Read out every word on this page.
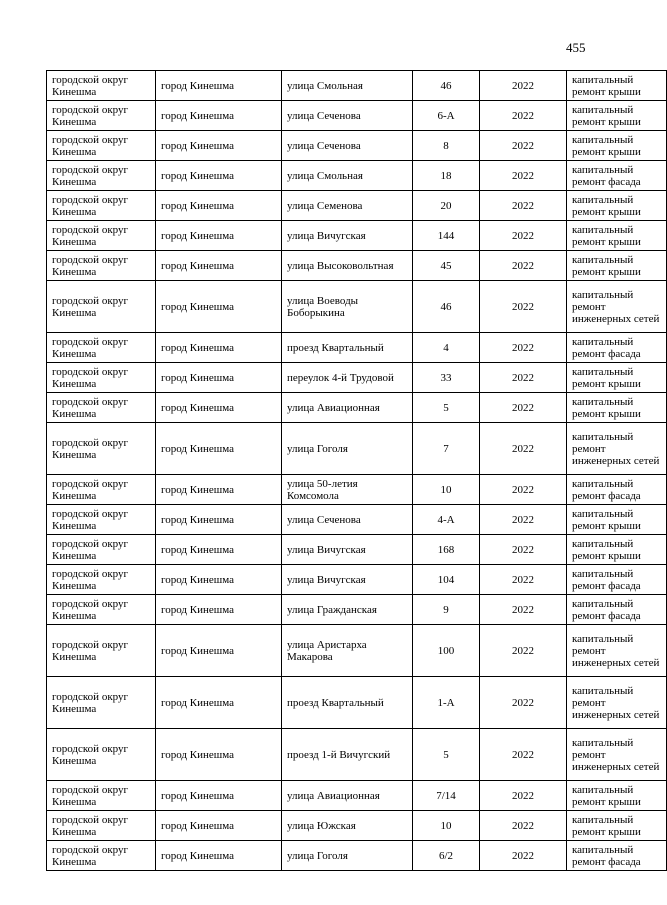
455
городской округ Кинешма	город Кинешма	улица Смольная	46	2022	капитальный ремонт крыши
городской округ Кинешма	город Кинешма	улица Сеченова	6-А	2022	капитальный ремонт крыши
городской округ Кинешма	город Кинешма	улица Сеченова	8	2022	капитальный ремонт крыши
городской округ Кинешма	город Кинешма	улица Смольная	18	2022	капитальный ремонт фасада
городской округ Кинешма	город Кинешма	улица Семенова	20	2022	капитальный ремонт крыши
городской округ Кинешма	город Кинешма	улица Вичугская	144	2022	капитальный ремонт крыши
городской округ Кинешма	город Кинешма	улица Высоковольтная	45	2022	капитальный ремонт крыши
городской округ Кинешма	город Кинешма	улица Воеводы Боборыкина	46	2022	капитальный ремонт инженерных сетей
городской округ Кинешма	город Кинешма	проезд Квартальный	4	2022	капитальный ремонт фасада
городской округ Кинешма	город Кинешма	переулок 4-й Трудовой	33	2022	капитальный ремонт крыши
городской округ Кинешма	город Кинешма	улица Авиационная	5	2022	капитальный ремонт крыши
городской округ Кинешма	город Кинешма	улица Гоголя	7	2022	капитальный ремонт инженерных сетей
городской округ Кинешма	город Кинешма	улица 50-летия Комсомола	10	2022	капитальный ремонт фасада
городской округ Кинешма	город Кинешма	улица Сеченова	4-А	2022	капитальный ремонт крыши
городской округ Кинешма	город Кинешма	улица Вичугская	168	2022	капитальный ремонт крыши
городской округ Кинешма	город Кинешма	улица Вичугская	104	2022	капитальный ремонт фасада
городской округ Кинешма	город Кинешма	улица Гражданская	9	2022	капитальный ремонт фасада
городской округ Кинешма	город Кинешма	улица Аристарха Макарова	100	2022	капитальный ремонт инженерных сетей
городской округ Кинешма	город Кинешма	проезд Квартальный	1-А	2022	капитальный ремонт инженерных сетей
городской округ Кинешма	город Кинешма	проезд 1-й Вичугский	5	2022	капитальный ремонт инженерных сетей
городской округ Кинешма	город Кинешма	улица Авиационная	7/14	2022	капитальный ремонт крыши
городской округ Кинешма	город Кинешма	улица Южская	10	2022	капитальный ремонт крыши
городской округ Кинешма	город Кинешма	улица Гоголя	6/2	2022	капитальный ремонт фасада
